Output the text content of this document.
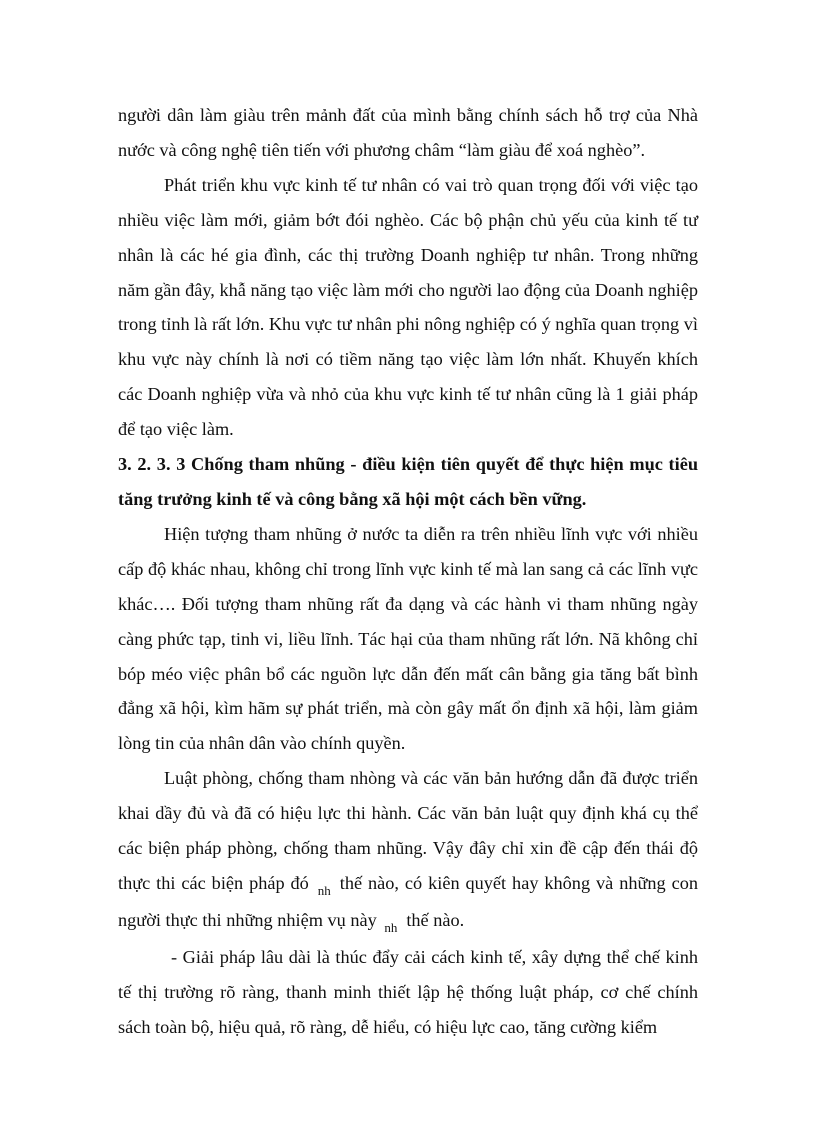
người dân làm giàu trên mảnh đất của mình bằng chính sách hỗ trợ của Nhà nước và công nghệ tiên tiến với phương châm “làm giàu để xoá nghèo”.

Phát triển khu vực kinh tế tư nhân có vai trò quan trọng đối với việc tạo nhiều việc làm mới, giảm bớt đói nghèo. Các bộ phận chủ yếu của kinh tế tư nhân là các hé gia đình, các thị trường Doanh nghiệp tư nhân. Trong những năm gần đây, khẫ năng tạo việc làm mới cho người lao động của Doanh nghiệp trong tỉnh là rất lớn. Khu vực tư nhân phi nông nghiệp có ý nghĩa quan trọng vì khu vực này chính là nơi có tiềm năng tạo việc làm lớn nhất. Khuyến khích các Doanh nghiệp vừa và nhỏ của khu vực kinh tế tư nhân cũng là 1 giải pháp để tạo việc làm.

3. 2. 3. 3 Chống tham nhũng - điều kiện tiên quyết để thực hiện mục tiêu tăng trưởng kinh tế và công bằng xã hội một cách bền vững.

Hiện tượng tham nhũng ở nước ta diễn ra trên nhiều lĩnh vực với nhiều cấp độ khác nhau, không chỉ trong lĩnh vực kinh tế mà lan sang cả các lĩnh vực khác…. Đối tượng tham nhũng rất đa dạng và các hành vi tham nhũng ngày càng phức tạp, tinh vi, liều lĩnh. Tác hại của tham nhũng rất lớn. Nã không chỉ bóp méo việc phân bổ các nguồn lực dẫn đến mất cân bằng gia tăng bất bình đẳng xã hội, kìm hãm sự phát triển, mà còn gây mất ổn định xã hội, làm giảm lòng tin của nhân dân vào chính quyền.

Luật phòng, chống tham nhòng và các văn bản hướng dẫn đã được triển khai dầy đủ và đã có hiệu lực thi hành. Các văn bản luật quy định khá cụ thể các biện pháp phòng, chống tham nhũng. Vậy đây chỉ xin đề cập đến thái độ thực thi các biện pháp đó $_{nh}$ thế nào, có kiên quyết hay không và những con người thực thi những nhiệm vụ này $_{nh}$ thế nào.

- Giải pháp lâu dài là thúc đẩy cải cách kinh tế, xây dựng thể chế kinh tế thị trường rõ ràng, thanh minh thiết lập hệ thống luật pháp, cơ chế chính sách toàn bộ, hiệu quả, rõ ràng, dễ hiểu, có hiệu lực cao, tăng cường kiểm
